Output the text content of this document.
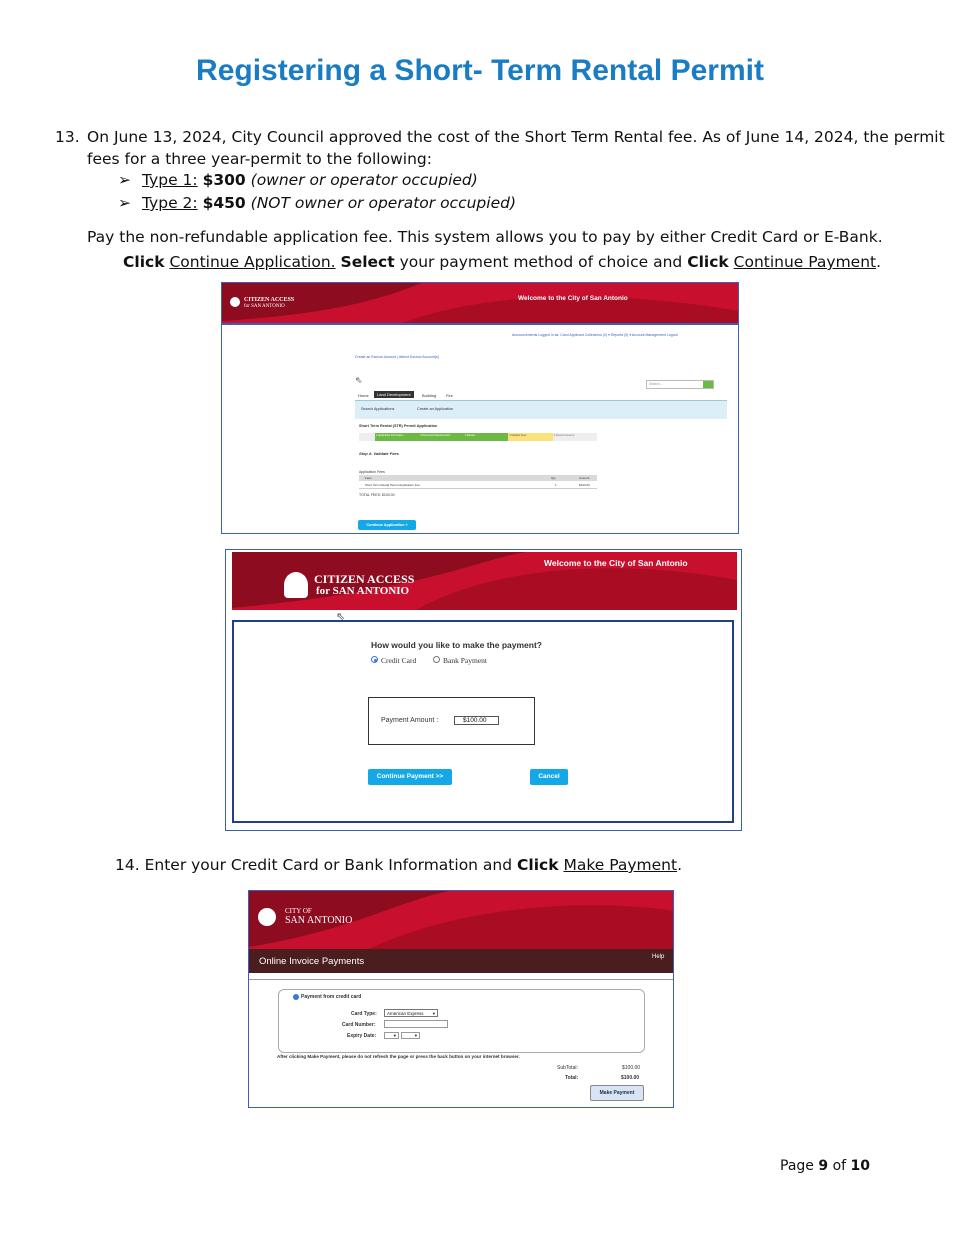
Registering a Short- Term Rental Permit
13. On June 13, 2024, City Council approved the cost of the Short Term Rental fee. As of June 14, 2024, the permit
fees for a three year-permit to the following:
➢ Type 1: $300 (owner or operator occupied)
➢ Type 2: $450 (NOT owner or operator occupied)
Pay the non-refundable application fee. This system allows you to pay by either Credit Card or E-Bank.
Click Continue Application. Select your payment method of choice and Click Continue Payment.
CITIZEN ACCESS
for SAN ANTONIO
Welcome to the City of San Antonio
Announcements Logged in as: Carol Applicant Collections (0) ▾ Reports (0) ▾ Account Management Logout
Create an Escrow Account | Attend Escrow Account(s)
⇖	Search...
Home	Land Development	Building Fire
Search Applications	Create an Application
Short Term Rental (STR) Permit Application
1 Application Information	2 Document Requirements	3 Review	4 Validate Fees	5 Record Issuance
Step 4: Validate Fees
Application Fees
Fees	Qty	Amount
Short Term Rental Permit Application Fee	1	$100.00
TOTAL FEES: $100.00
Continue Application »
CITIZEN ACCESS
for SAN ANTONIO
Welcome to the City of San Antonio
⇖
How would you like to make the payment?
Credit Card	Bank Payment
Payment Amount :	$100.00
Continue Payment >>	Cancel
14. Enter your Credit Card or Bank Information and Click Make Payment.
CITY OF
SAN ANTONIO
Online Invoice Payments	Help
Payment from credit card
Card Type:	American Express ▾
Card Number:
Expiry Date:	▾	▾
After clicking Make Payment, please do not refresh the page or press the back button on your internet browser.
SubTotal:	$100.00
Total:	$100.00
Make Payment
Page 9 of 10
